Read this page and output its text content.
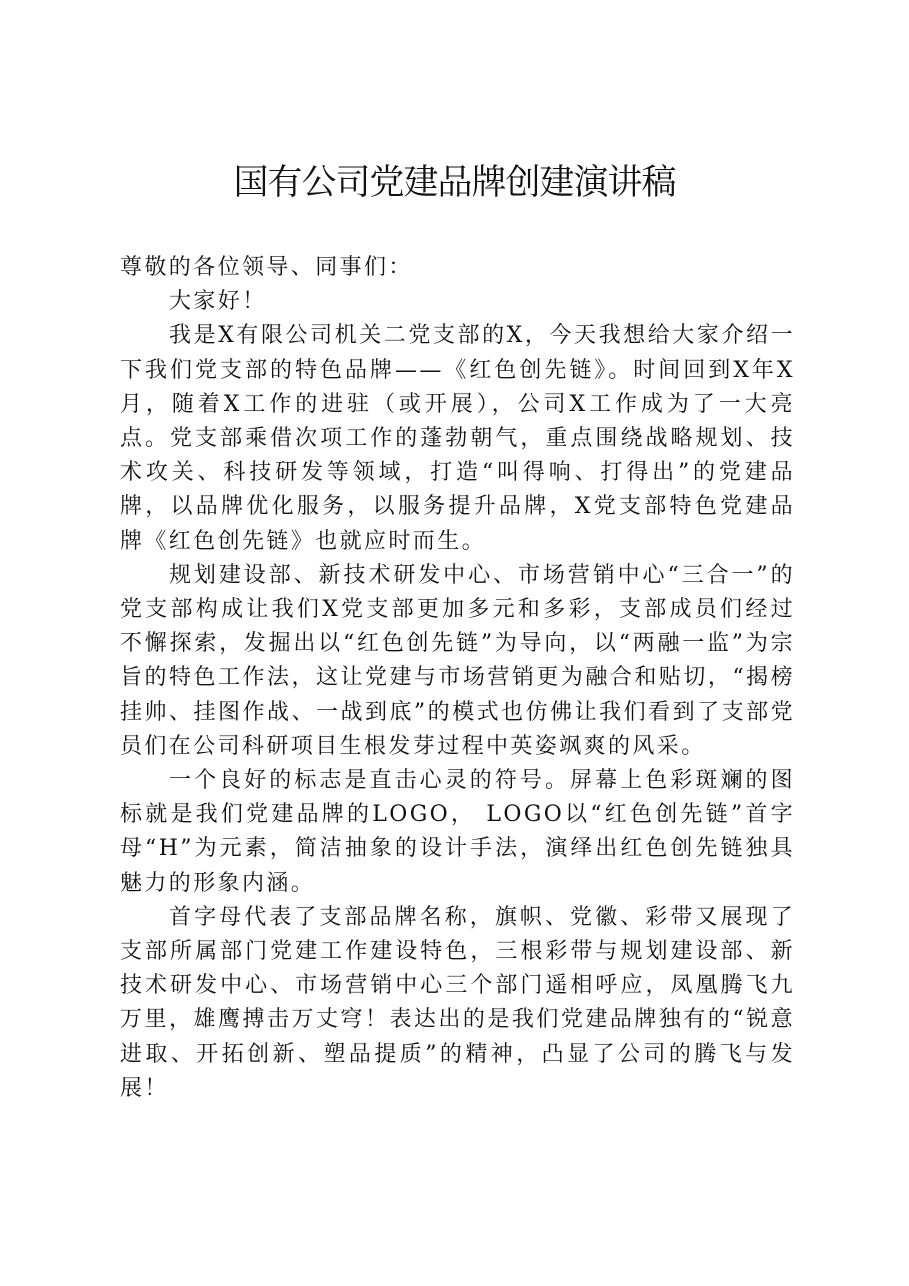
国有公司党建品牌创建演讲稿

尊敬的各位领导、同事们：

大家好！

我是X有限公司机关二党支部的X，今天我想给大家介绍一下我们党支部的特色品牌——《红色创先链》。时间回到X年X月，随着X工作的进驻（或开展），公司X工作成为了一大亮点。党支部乘借次项工作的蓬勃朝气，重点围绕战略规划、技术攻关、科技研发等领域，打造“叫得响、打得出”的党建品牌，以品牌优化服务，以服务提升品牌，X党支部特色党建品牌《红色创先链》也就应时而生。

规划建设部、新技术研发中心、市场营销中心“三合一”的党支部构成让我们X党支部更加多元和多彩，支部成员们经过不懈探索，发掘出以“红色创先链”为导向，以“两融一监”为宗旨的特色工作法，这让党建与市场营销更为融合和贴切，“揭榜挂帅、挂图作战、一战到底”的模式也仿佛让我们看到了支部党员们在公司科研项目生根发芽过程中英姿飒爽的风采。

一个良好的标志是直击心灵的符号。屏幕上色彩斑斓的图标就是我们党建品牌的LOGO， LOGO以“红色创先链”首字母“H”为元素，简洁抽象的设计手法，演绎出红色创先链独具魅力的形象内涵。

首字母代表了支部品牌名称，旗帜、党徽、彩带又展现了支部所属部门党建工作建设特色，三根彩带与规划建设部、新技术研发中心、市场营销中心三个部门遥相呼应，凤凰腾飞九万里，雄鹰搏击万丈穹！表达出的是我们党建品牌独有的“锐意进取、开拓创新、塑品提质”的精神，凸显了公司的腾飞与发展！
